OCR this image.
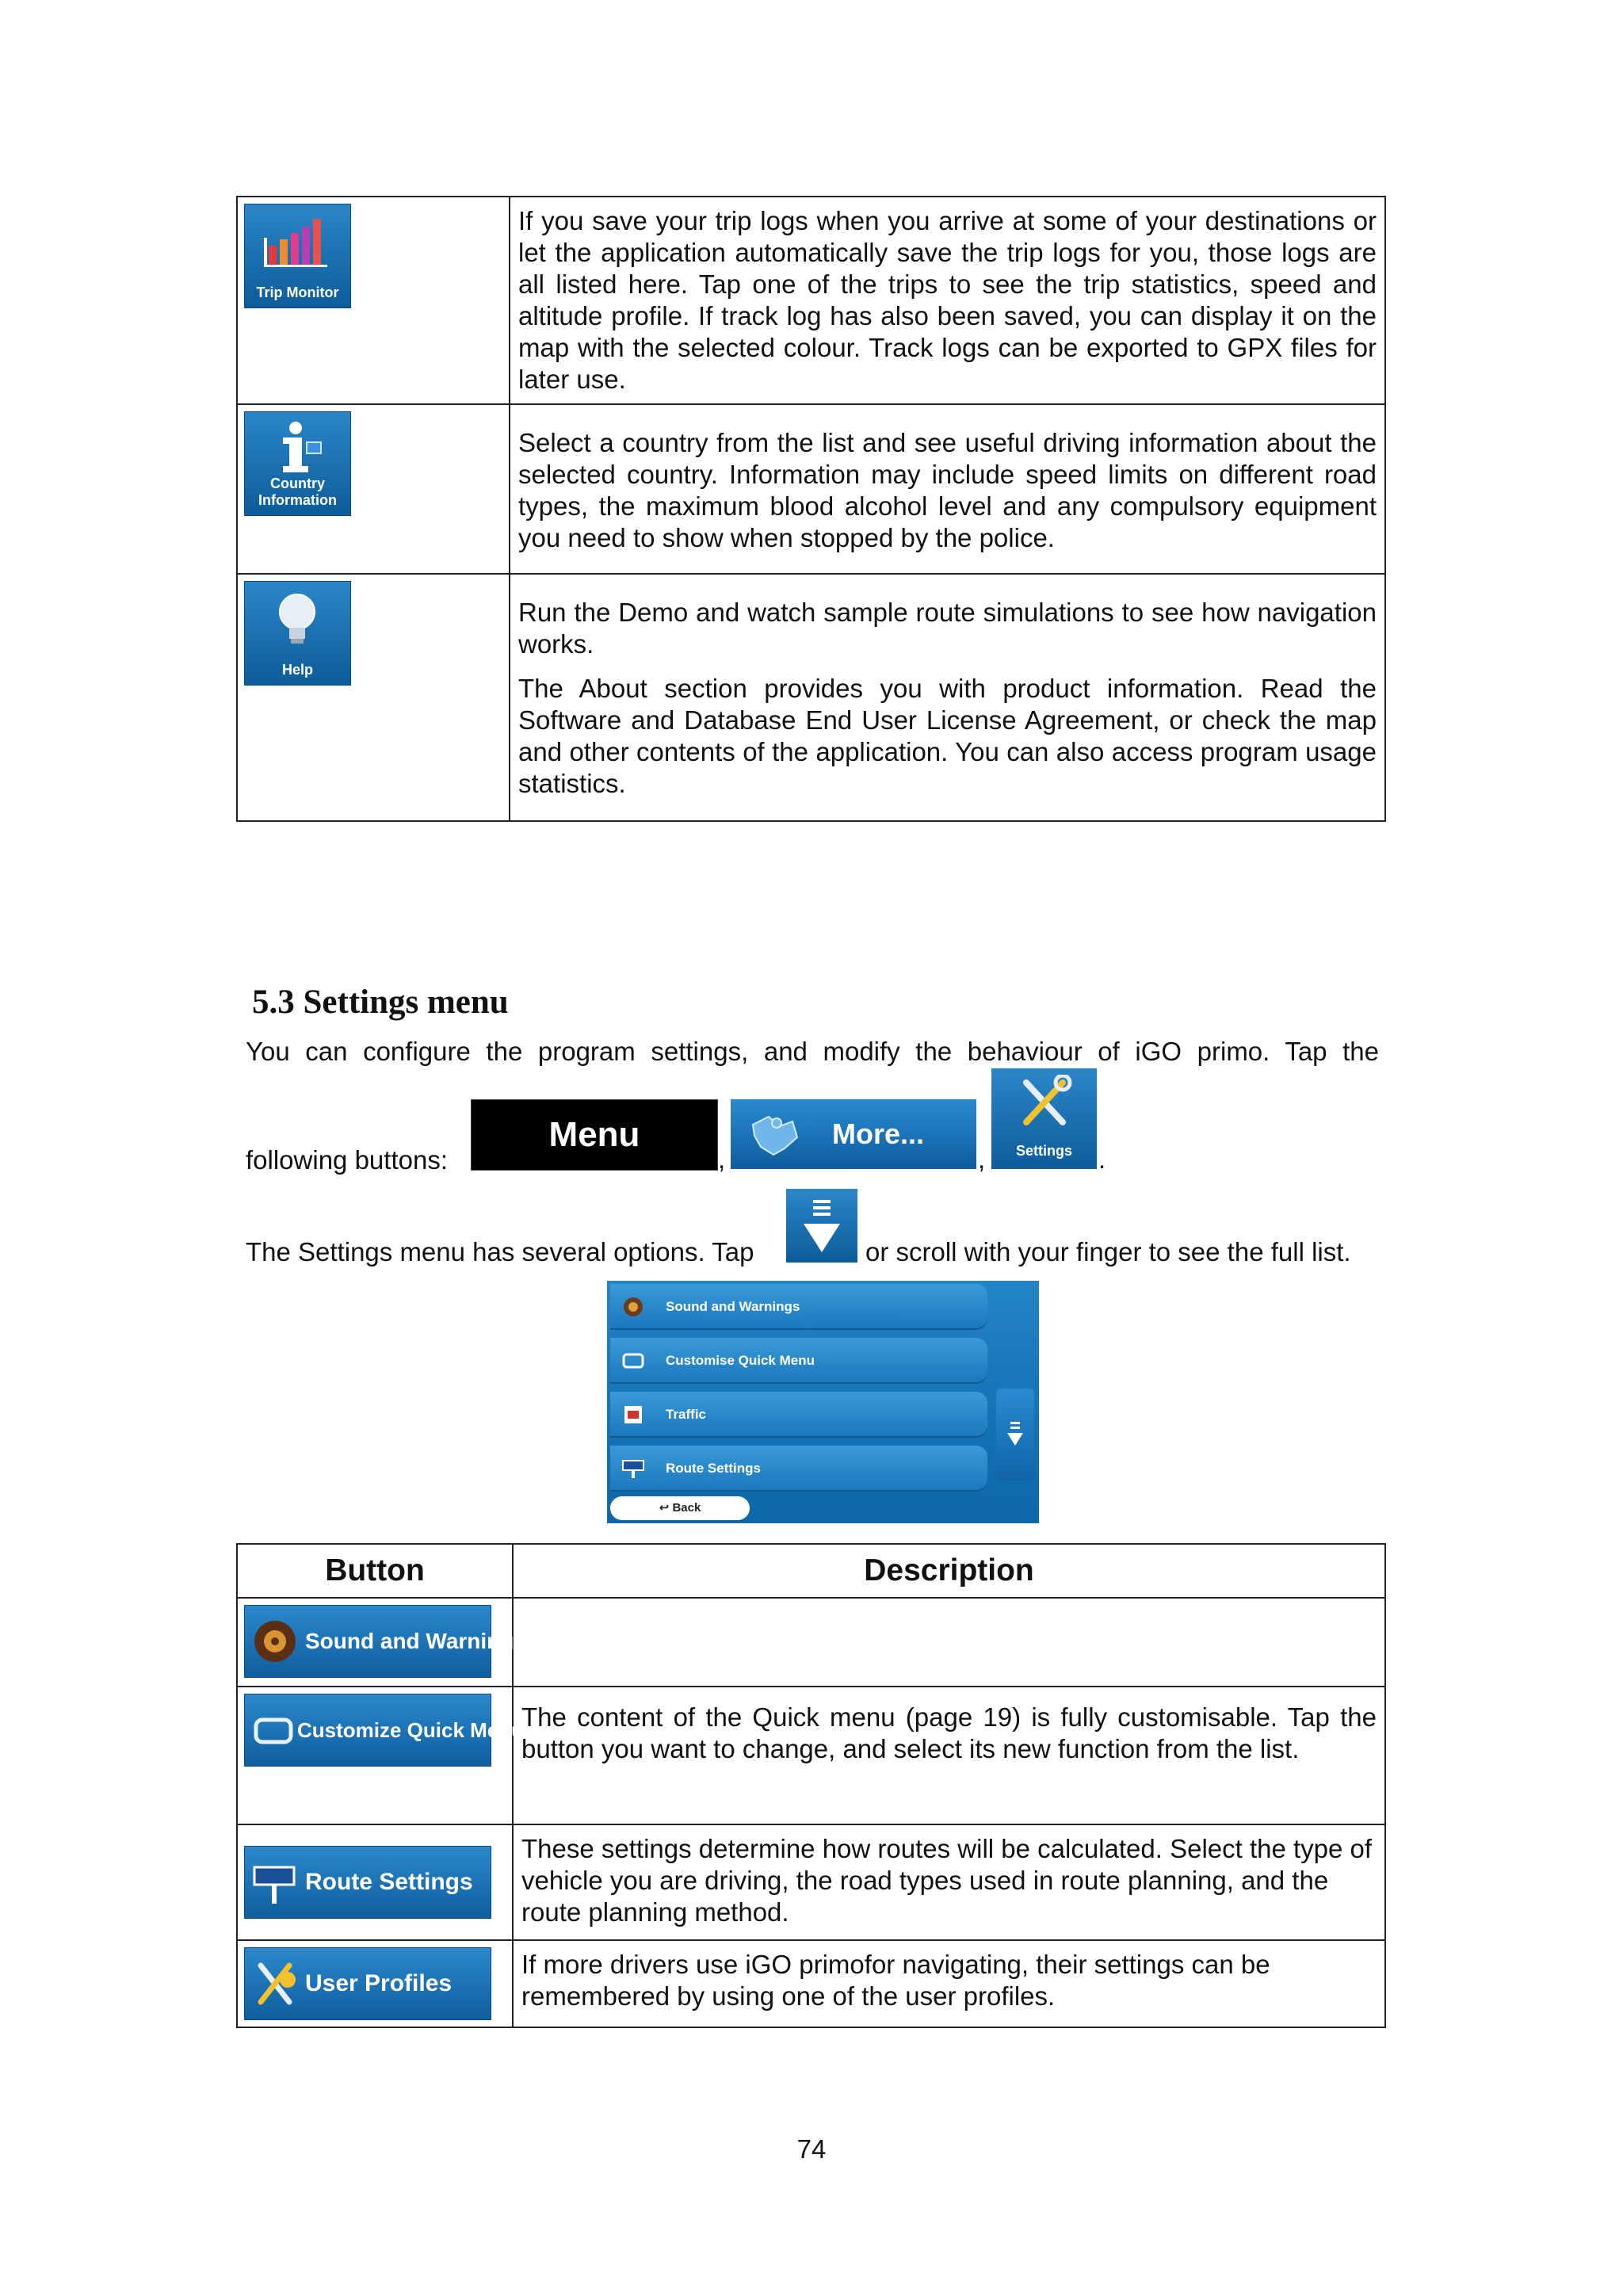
Trip Monitor	If you save your trip logs when you arrive at some of your destinations or let the application automatically save the trip logs for you, those logs are all listed here. Tap one of the trips to see the trip statistics, speed and altitude profile. If track log has also been saved, you can display it on the map with the selected colour. Track logs can be exported to GPX files for later use.

Country Information	Select a country from the list and see useful driving information about the selected country. Information may include speed limits on different road types, the maximum blood alcohol level and any compulsory equipment you need to show when stopped by the police.

Help	Run the Demo and watch sample route simulations to see how navigation works.

The About section provides you with product information. Read the Software and Database End User License Agreement, or check the map and other contents of the application. You can also access program usage statistics.

5.3 Settings menu
You can configure the program settings, and modify the behaviour of iGO primo. Tap the
following buttons:
Menu
,
More...
,	Settings	.
The Settings menu has several options. Tap	or scroll with your finger to see the full list.
Sound and Warnings
Customise Quick Menu
Traffic
Route Settings
↩ Back
Button	Description

Sound and Warnings	

Customize Quick Menu	The content of the Quick menu (page 19) is fully customisable. Tap the button you want to change, and select its new function from the list.

Route Settings	These settings determine how routes will be calculated. Select the type of vehicle you are driving, the road types used in route planning, and the route planning method.

User Profiles	If more drivers use iGO primofor navigating, their settings can be remembered by using one of the user profiles.

74
